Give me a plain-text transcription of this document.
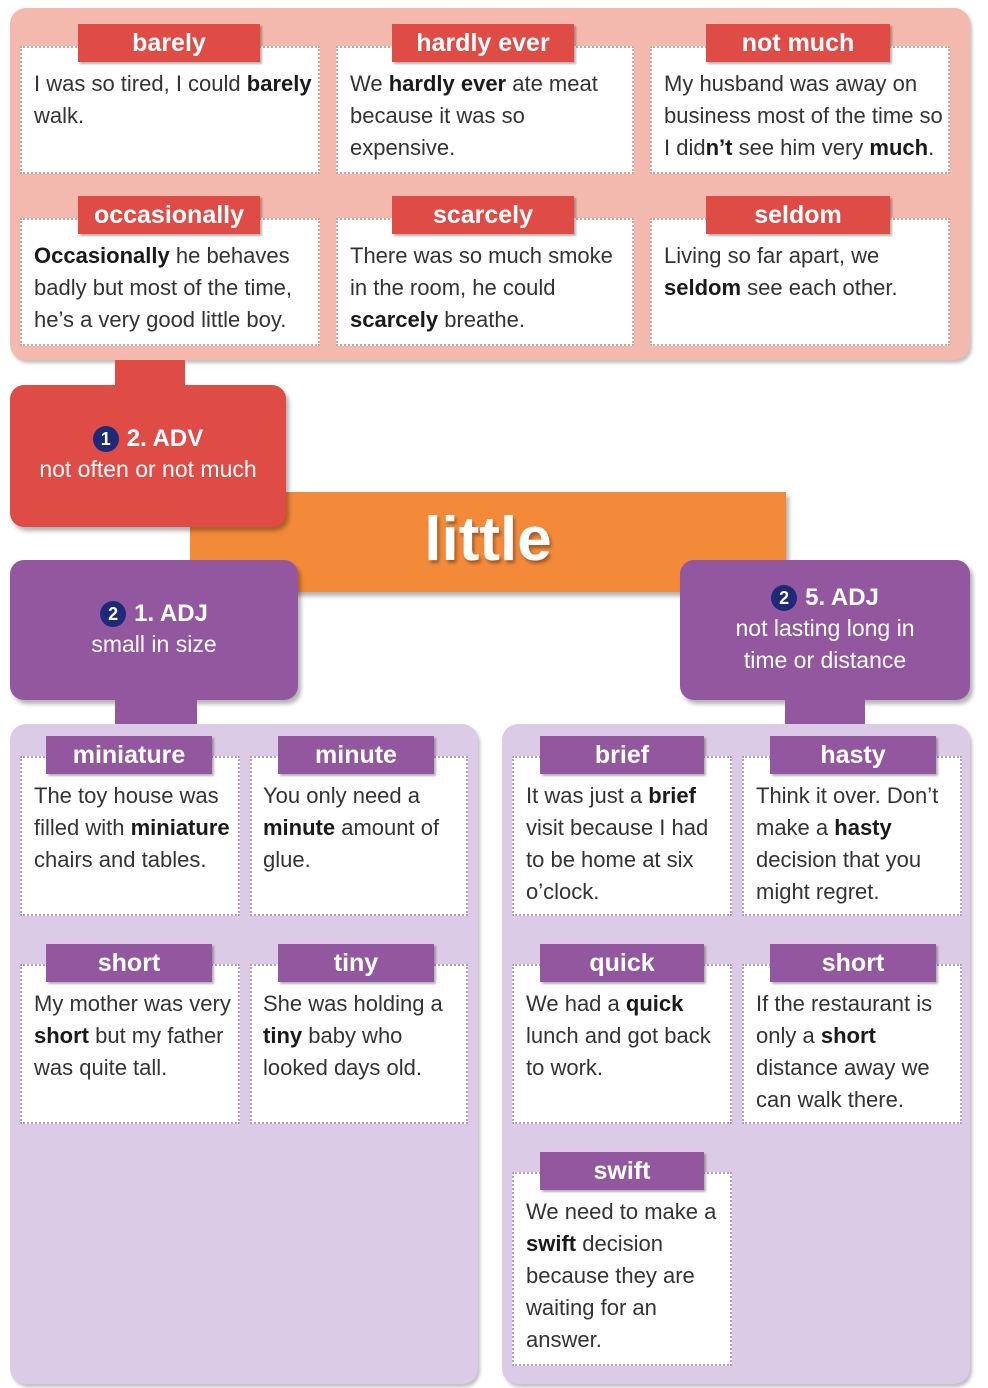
barely
I was so tired, I could barely walk.
hardly ever
We hardly ever ate meat because it was so expensive.
not much
My husband was away on business most of the time so I didn’t see him very much.
occasionally
Occasionally he behaves badly but most of the time, he’s a very good little boy.
scarcely
There was so much smoke in the room, he could scarcely breathe.
seldom
Living so far apart, we seldom see each other.
little
1 2. ADV
not often or not much
2 1. ADJ
small in size
2 5. ADJ
not lasting long in
time or distance
miniature
The toy house was filled with miniature chairs and tables.
minute
You only need a minute amount of glue.
short
My mother was very short but my father was quite tall.
tiny
She was holding a tiny baby who looked days old.
brief
It was just a brief visit because I had to be home at six o’clock.
hasty
Think it over. Don’t make a hasty decision that you might regret.
quick
We had a quick lunch and got back to work.
short
If the restaurant is only a short distance away we can walk there.
swift
We need to make a swift decision because they are waiting for an answer.
